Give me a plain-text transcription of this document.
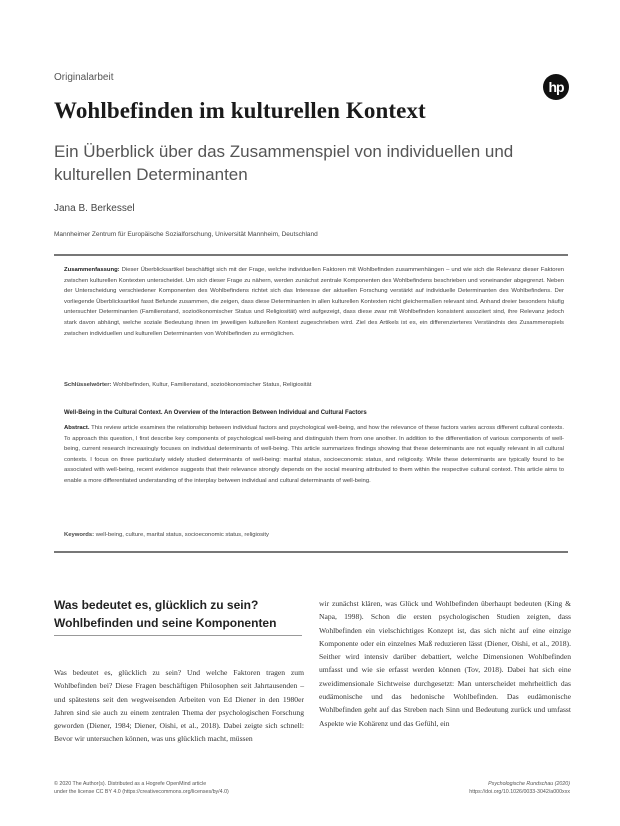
Originalarbeit
hp
Wohlbefinden im kulturellen Kontext
Ein Überblick über das Zusammenspiel von individuellen und kulturellen Determinanten
Jana B. Berkessel
Mannheimer Zentrum für Europäische Sozialforschung, Universität Mannheim, Deutschland
Zusammenfassung: Dieser Überblicksartikel beschäftigt sich mit der Frage, welche individuellen Faktoren mit Wohlbefinden zusammenhängen – und wie sich die Relevanz dieser Faktoren zwischen kulturellen Kontexten unterscheidet. Um sich dieser Frage zu nähern, werden zunächst zentrale Komponenten des Wohlbefindens beschrieben und voneinander abgegrenzt. Neben der Unterscheidung verschiedener Komponenten des Wohlbefindens richtet sich das Interesse der aktuellen Forschung verstärkt auf individuelle Determinanten des Wohlbefindens. Der vorliegende Überblicksartikel fasst Befunde zusammen, die zeigen, dass diese Determinanten in allen kulturellen Kontexten nicht gleichermaßen relevant sind. Anhand dreier besonders häufig untersuchter Determinanten (Familienstand, sozioökonomischer Status und Religiosität) wird aufgezeigt, dass diese zwar mit Wohlbefinden konsistent assoziiert sind, ihre Relevanz jedoch stark davon abhängt, welche soziale Bedeutung ihnen im jeweiligen kulturellen Kontext zugeschrieben wird. Ziel des Artikels ist es, ein differenzierteres Verständnis des Zusammenspiels zwischen individuellen und kulturellen Determinanten von Wohlbefinden zu ermöglichen.
Schlüsselwörter: Wohlbefinden, Kultur, Familienstand, sozioökonomischer Status, Religiosität
Well-Being in the Cultural Context. An Overview of the Interaction Between Individual and Cultural Factors
Abstract. This review article examines the relationship between individual factors and psychological well-being, and how the relevance of these factors varies across different cultural contexts. To approach this question, I first describe key components of psychological well-being and distinguish them from one another. In addition to the differentiation of various components of well-being, current research increasingly focuses on individual determinants of well-being. This article summarizes findings showing that these determinants are not equally relevant in all cultural contexts. I focus on three particularly widely studied determinants of well-being: marital status, socioeconomic status, and religiosity. While these determinants are typically found to be associated with well-being, recent evidence suggests that their relevance strongly depends on the social meaning attributed to them within the respective cultural context. This article aims to enable a more differentiated understanding of the interplay between individual and cultural determinants of well-being.
Keywords: well-being, culture, marital status, socioeconomic status, religiosity
Was bedeutet es, glücklich zu sein? Wohlbefinden und seine Komponenten
Was bedeutet es, glücklich zu sein? Und welche Faktoren tragen zum Wohlbefinden bei? Diese Fragen beschäftigen Philosophen seit Jahrtausenden – und spätestens seit den wegweisenden Arbeiten von Ed Diener in den 1980er Jahren sind sie auch zu einem zentralen Thema der psychologischen Forschung geworden (Diener, 1984; Diener, Oishi, et al., 2018). Dabei zeigte sich schnell: Bevor wir untersuchen können, was uns glücklich macht, müssen
wir zunächst klären, was Glück und Wohlbefinden überhaupt bedeuten (King & Napa, 1998). Schon die ersten psychologischen Studien zeigten, dass Wohlbefinden ein vielschichtiges Konzept ist, das sich nicht auf eine einzige Komponente oder ein einzelnes Maß reduzieren lässt (Diener, Oishi, et al., 2018). Seither wird intensiv darüber debattiert, welche Dimensionen Wohlbefinden umfasst und wie sie erfasst werden können (Tov, 2018). Dabei hat sich eine zweidimensionale Sichtweise durchgesetzt: Man unterscheidet mehrheitlich das eudämonische und das hedonische Wohlbefinden. Das eudämonische Wohlbefinden geht auf das Streben nach Sinn und Bedeutung zurück und umfasst Aspekte wie Kohärenz und das Gefühl, ein
© 2020 The Author(s). Distributed as a Hogrefe OpenMind article
under the license CC BY 4.0 (https://creativecommons.org/licenses/by/4.0)
Psychologische Rundschau (2020)
https://doi.org/10.1026/0033-3042/a000xxx
